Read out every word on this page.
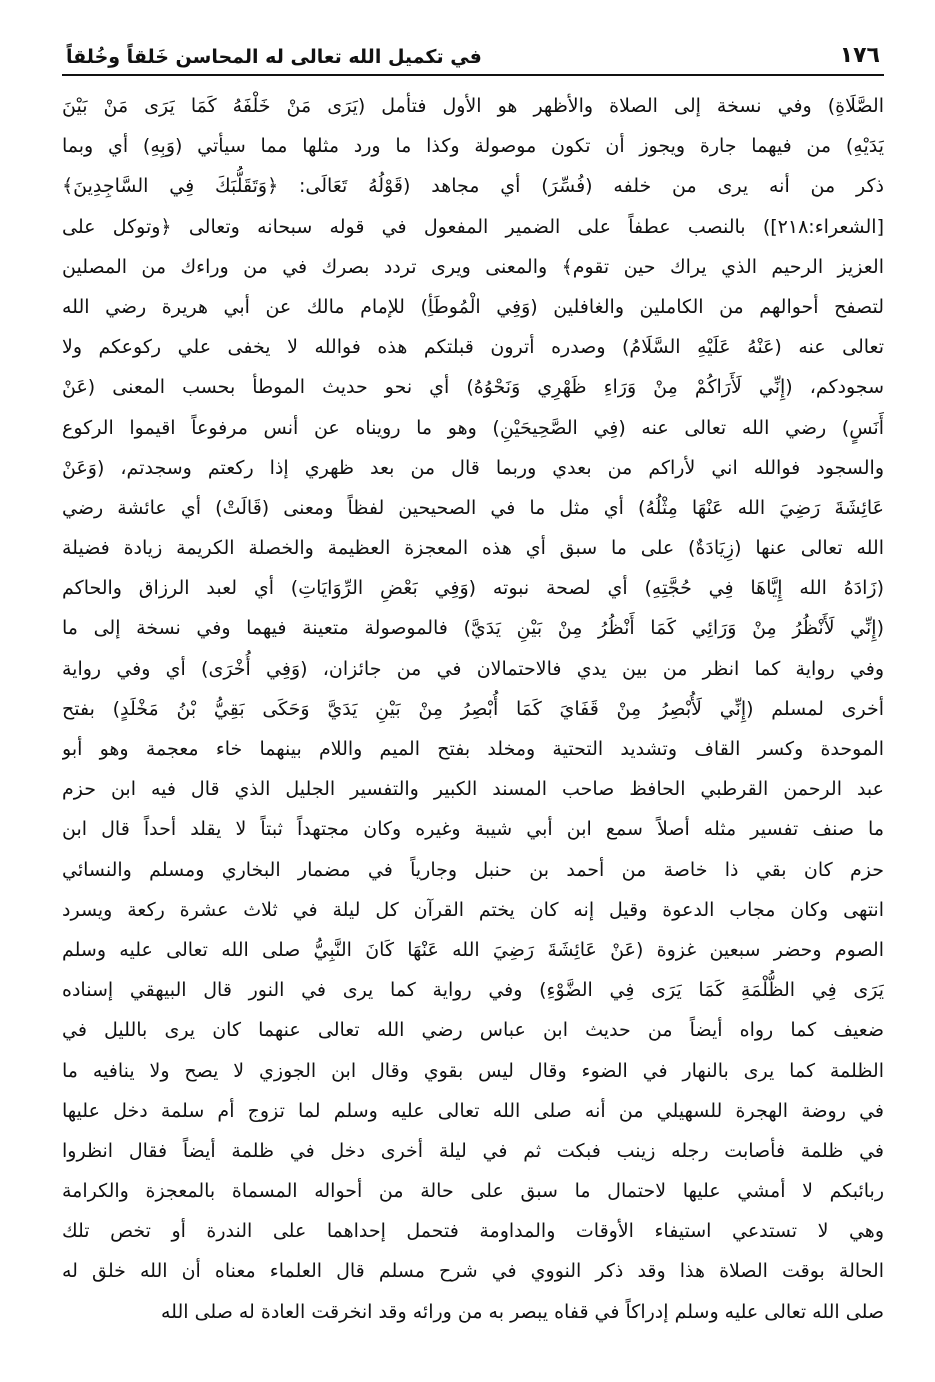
١٧٦
في تكميل الله تعالى له المحاسن خَلقاً وخُلقاً
الصَّلَاةِ) وفي نسخة إلى الصلاة والأظهر هو الأول فتأمل (يَرَى مَنْ خَلْفَهُ كَمَا يَرَى مَنْ بَيْنَ
يَدَيْهِ) من فيهما جارة ويجوز أن تكون موصولة وكذا ما ورد مثلها مما سيأتي (وَبِهِ) أي وبما
ذكر من أنه يرى من خلفه (فُسِّرَ) أي مجاهد (قَوْلُهُ تَعَالَى: ﴿وَتَقَلُّبَكَ فِي السَّاجِدِينَ﴾
[الشعراء:٢١٨]) بالنصب عطفاً على الضمير المفعول في قوله سبحانه وتعالى ﴿وتوكل على
العزيز الرحيم الذي يراك حين تقوم﴾ والمعنى ويرى تردد بصرك في من وراءك من المصلين
لتصفح أحوالهم من الكاملين والغافلين (وَفِي الْمُوطَأِ) للإمام مالك عن أبي هريرة رضي الله
تعالى عنه (عَنْهُ عَلَيْهِ السَّلَامُ) وصدره أترون قبلتكم هذه فوالله لا يخفى علي ركوعكم ولا
سجودكم، (إِنِّي لَأَرَاكُمْ مِنْ وَرَاءِ ظَهْرِي وَنَحْوُهُ) أي نحو حديث الموطأ بحسب المعنى (عَنْ
أَنَسٍ) رضي الله تعالى عنه (فِي الصَّحِيحَيْنِ) وهو ما رويناه عن أنس مرفوعاً اقيموا الركوع
والسجود فوالله اني لأراكم من بعدي وربما قال من بعد ظهري إذا ركعتم وسجدتم، (وَعَنْ
عَائِشَةَ رَضِيَ الله عَنْهَا مِثْلُهُ) أي مثل ما في الصحيحين لفظاً ومعنى (قَالَتْ) أي عائشة رضي
الله تعالى عنها (زِيَادَةٌ) على ما سبق أي هذه المعجزة العظيمة والخصلة الكريمة زيادة فضيلة
(زَادَهُ الله إِيَّاهَا فِي حُجَّتِهِ) أي لصحة نبوته (وَفِي بَعْضِ الرِّوَايَاتِ) أي لعبد الرزاق والحاكم
(إِنِّي لَأَنْظُرُ مِنْ وَرَائِي كَمَا أَنْظُرُ مِنْ بَيْنِ يَدَيَّ) فالموصولة متعينة فيهما وفي نسخة إلى ما
وفي رواية كما انظر من بين يدي فالاحتمالان في من جائزان، (وَفِي أُخْرَى) أي وفي رواية
أخرى لمسلم (إِنِّي لَأُبْصِرُ مِنْ قَفَايَ كَمَا أُبْصِرُ مِنْ بَيْنِ يَدَيَّ وَحَكَى بَقِيُّ بْنُ مَخْلَدٍ) بفتح
الموحدة وكسر القاف وتشديد التحتية ومخلد بفتح الميم واللام بينهما خاء معجمة وهو أبو
عبد الرحمن القرطبي الحافظ صاحب المسند الكبير والتفسير الجليل الذي قال فيه ابن حزم
ما صنف تفسير مثله أصلاً سمع ابن أبي شيبة وغيره وكان مجتهداً ثبتاً لا يقلد أحداً قال ابن
حزم كان بقي ذا خاصة من أحمد بن حنبل وجارياً في مضمار البخاري ومسلم والنسائي
انتهى وكان مجاب الدعوة وقيل إنه كان يختم القرآن كل ليلة في ثلاث عشرة ركعة ويسرد
الصوم وحضر سبعين غزوة (عَنْ عَائِشَةَ رَضِيَ الله عَنْهَا كَانَ النَّبِيُّ صلى الله تعالى عليه وسلم
يَرَى فِي الظُّلْمَةِ كَمَا يَرَى فِي الضَّوْءِ) وفي رواية كما يرى في النور قال البيهقي إسناده
ضعيف كما رواه أيضاً من حديث ابن عباس رضي الله تعالى عنهما كان يرى بالليل في
الظلمة كما يرى بالنهار في الضوء وقال ليس بقوي وقال ابن الجوزي لا يصح ولا ينافيه ما
في روضة الهجرة للسهيلي من أنه صلى الله تعالى عليه وسلم لما تزوج أم سلمة دخل عليها
في ظلمة فأصابت رجله زينب فبكت ثم في ليلة أخرى دخل في ظلمة أيضاً فقال انظروا
ربائبكم لا أمشي عليها لاحتمال ما سبق على حالة من أحواله المسماة بالمعجزة والكرامة
وهي لا تستدعي استيفاء الأوقات والمداومة فتحمل إحداهما على الندرة أو تخص تلك
الحالة بوقت الصلاة هذا وقد ذكر النووي في شرح مسلم قال العلماء معناه أن الله خلق له
صلى الله تعالى عليه وسلم إدراكاً في قفاه يبصر به من ورائه وقد انخرقت العادة له صلى الله
